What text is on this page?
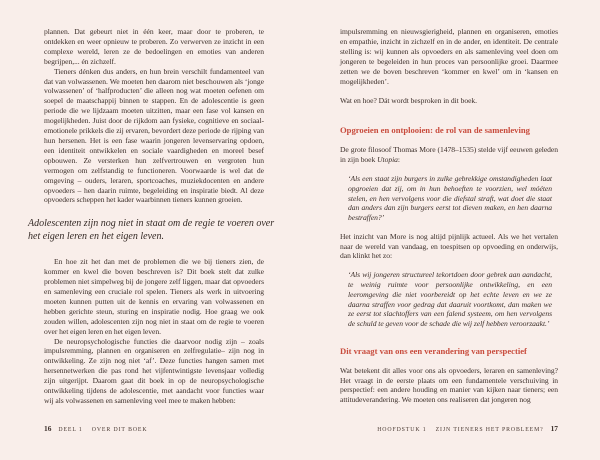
plannen. Dat gebeurt niet in één keer, maar door te proberen, te ontdekken en weer opnieuw te proberen. Zo verwerven ze inzicht in een complexe wereld, leren ze de bedoelingen en emoties van anderen begrijpen,... én zichzelf.

Tieners dénken dus anders, en hun brein verschilt fundamenteel van dat van volwassenen. We moeten hen daarom niet beschouwen als ‘jonge volwassenen’ of ‘halfproducten’ die alleen nog wat moeten oefenen om soepel de maatschappij binnen te stappen. En de adolescentie is geen periode die we lijdzaam moeten uitzitten, maar een fase vol kansen en mogelijkheden. Juist door de rijkdom aan fysieke, cognitieve en sociaal-emotionele prikkels die zij ervaren, bevordert deze periode de rijping van hun hersenen. Het is een fase waarin jongeren levenservaring opdoen, een identiteit ontwikkelen en sociale vaardigheden en moreel besef opbouwen. Ze versterken hun zelfvertrouwen en vergroten hun vermogen om zelfstandig te functioneren. Voorwaarde is wel dat de omgeving – ouders, leraren, sportcoaches, muziekdocenten en andere opvoeders – hen daarin ruimte, begeleiding en inspiratie biedt. Al deze opvoeders scheppen het kader waarbinnen tieners kunnen groeien.

Adolescenten zijn nog niet in staat om de regie te voeren over het eigen leren en het eigen leven.

En hoe zit het dan met de problemen die we bij tieners zien, de kommer en kwel die boven beschreven is? Dit boek stelt dat zulke problemen niet simpelweg bij de jongere zelf liggen, maar dat opvoeders en samenleving een cruciale rol spelen. Tieners als werk in uitvoering moeten kunnen putten uit de kennis en ervaring van volwassenen en hebben gerichte steun, sturing en inspiratie nodig. Hoe graag we ook zouden willen, adolescenten zijn nog niet in staat om de regie te voeren over het eigen leren en het eigen leven.

De neuropsychologische functies die daarvoor nodig zijn – zoals impulsremming, plannen en organiseren en zelfregulatie– zijn nog in ontwikkeling. Ze zijn nog niet ‘af’. Deze functies hangen samen met hersennetwerken die pas rond het vijfentwintigste levensjaar volledig zijn uitgerijpt. Daarom gaat dit boek in op de neuropsychologische ontwikkeling tijdens de adolescentie, met aandacht voor functies waar wij als volwassenen en samenleving veel mee te maken hebben:

16 DEEL 1 OVER DIT BOEK

impulsremming en nieuwsgierigheid, plannen en organiseren, emoties en empathie, inzicht in zichzelf en in de ander, en identiteit. De centrale stelling is: wij kunnen als opvoeders en als samenleving veel doen om jongeren te begeleiden in hun proces van persoonlijke groei. Daarmee zetten we de boven beschreven ‘kommer en kwel’ om in ‘kansen en mogelijkheden’.

Wat en hoe? Dát wordt besproken in dit boek.

Opgroeien en ontplooien: de rol van de samenleving

De grote filosoof Thomas More (1478–1535) stelde vijf eeuwen geleden in zijn boek Utopia:

‘Als een staat zijn burgers in zulke gebrekkige omstandigheden laat opgroeien dat zij, om in hun behoeften te voorzien, wel móéten stelen, en hen vervolgens voor die diefstal straft, wat doet die staat dan anders dan zijn burgers eerst tot dieven maken, en hen daarna bestraffen?’

Het inzicht van More is nog altijd pijnlijk actueel. Als we het vertalen naar de wereld van vandaag, en toespitsen op opvoeding en onderwijs, dan klinkt het zo:

‘Als wij jongeren structureel tekortdoen door gebrek aan aandacht, te weinig ruimte voor persoonlijke ontwikkeling, en een leeromgeving die niet voorbereidt op het echte leven en we ze daarna straffen voor gedrag dat daaruit voortkomt, dan maken we ze eerst tot slachtoffers van een falend systeem, om hen vervolgens de schuld te geven voor de schade die wij zelf hebben veroorzaakt.’

Dit vraagt van ons een verandering van perspectief

Wat betekent dit alles voor ons als opvoeders, leraren en samenleving? Het vraagt in de eerste plaats om een fundamentele verschuiving in perspectief: een andere houding en manier van kijken naar tieners; een attitudeverandering. We moeten ons realiseren dat jongeren nog

HOOFDSTUK 1 ZIJN TIENERS HET PROBLEEM? 17
